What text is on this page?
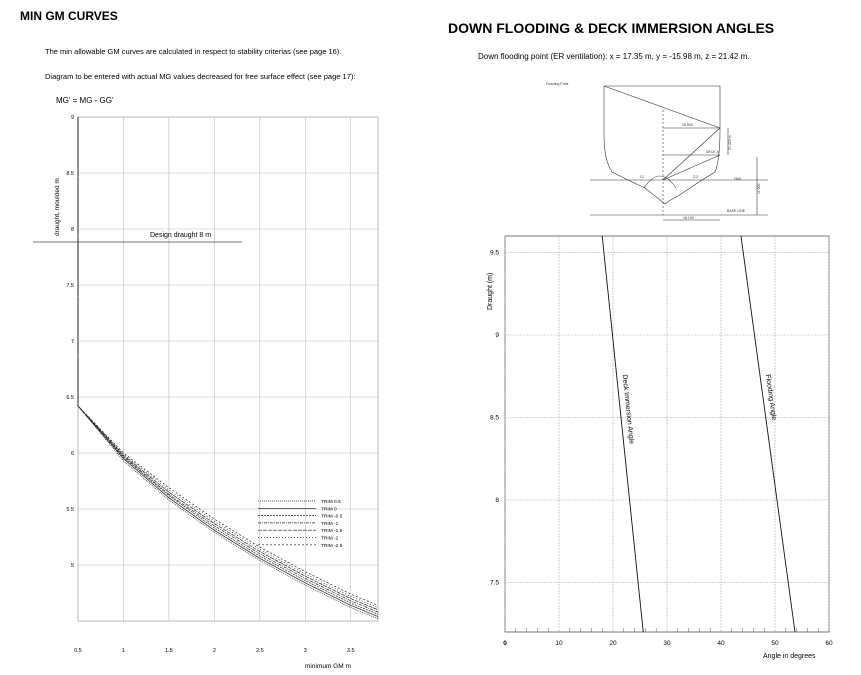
MIN GM CURVES
The min allowable GM curves are calculated in respect to stability criterias (see page 16).
Diagram to be entered with actual MG values decreased for free surface effect (see page 17):
MG' = MG - GG'
0.5	1	1.5	2	2.5	3	3.5
5
5.5
6
6.5
7
7.5
8
8.5
9
Design draught 8 m
minimum GM m
draught, moulded m
TRIM 0.5
TRIM 0
TRIM -0.5
TRIM -1
TRIM -1.5
TRIM -2
TRIM -2.5
DOWN FLOODING & DECK IMMERSION ANGLES
Down flooding point (ER ventilation): x = 17.35 m, y = -15.98 m, z = 21.42 m.
Flooding Point
16.900
21.420 m
DECK A
CL	Z-Z	DWL
BASE LINE
16.100
11.000
0	10	20	30	40	50	60
7.5
8
8.5
9
9.5
Angle in degrees
Draught (m)
Deck Immersion Angle	Flooding Angle
